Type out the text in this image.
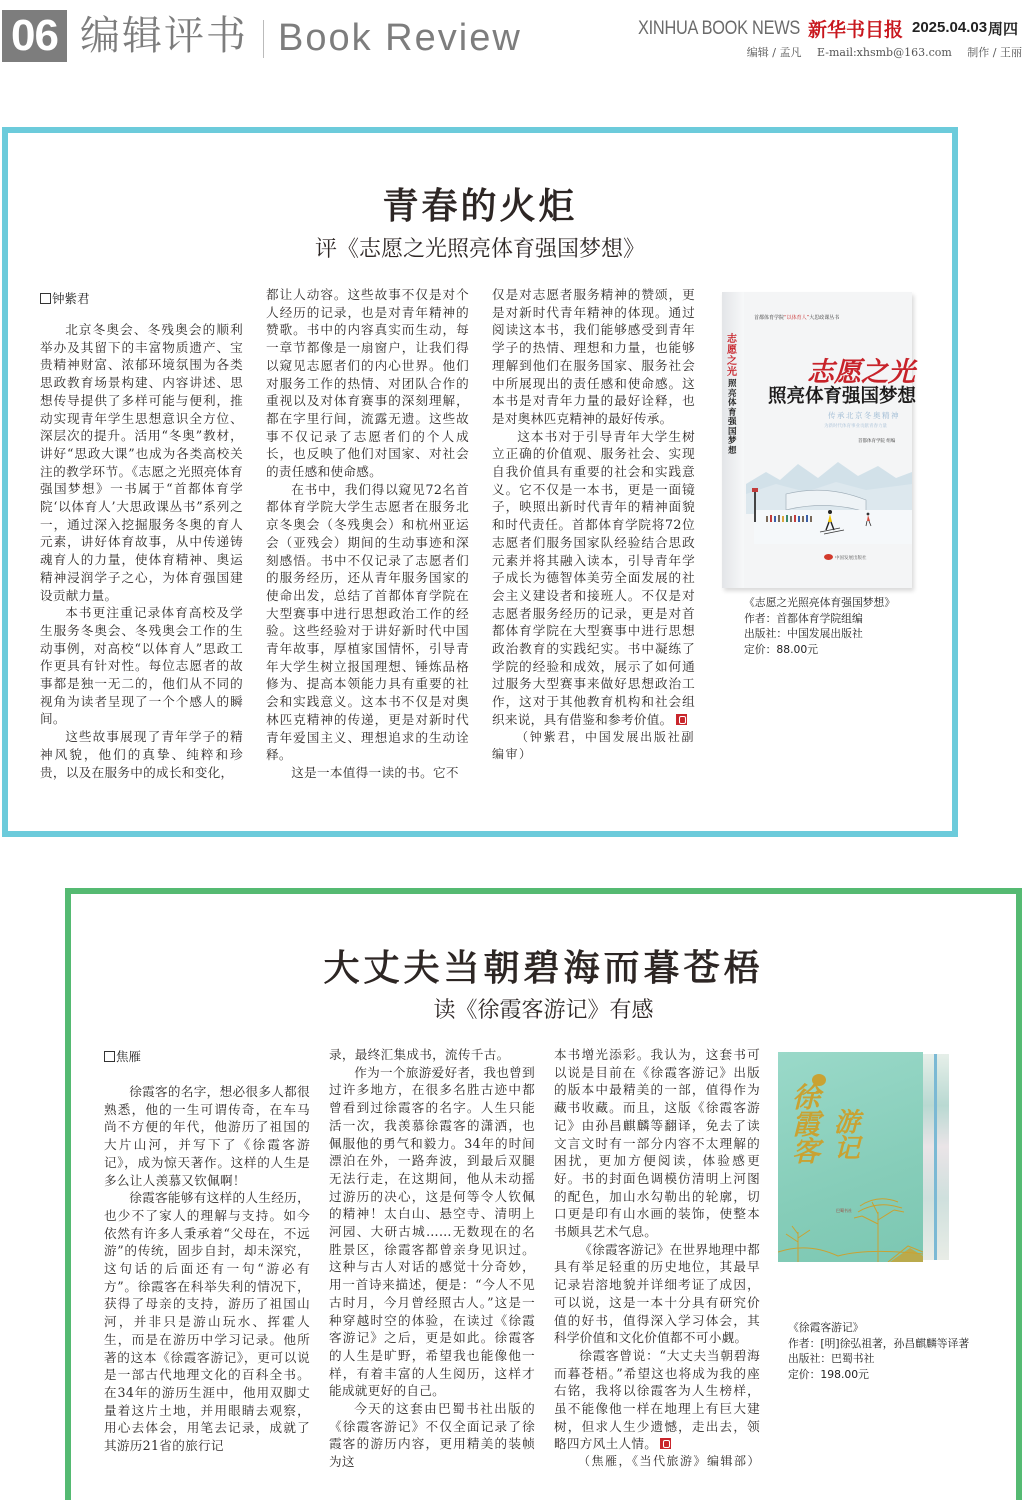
06 编辑评书 Book Review	XINHUA BOOK NEWS 新华书目报 2025.04.03 周四
编辑 / 孟凡 E-mail:xhsmb@163.com 制作 / 王丽
青春的火炬
评《志愿之光照亮体育强国梦想》
钟紫君

北京冬奥会、冬残奥会的顺利举办及其留下的丰富物质遗产、宝贵精神财富、浓郁环境氛围为各类思政教育场景构建、内容讲述、思想传导提供了多样可能与便利，推动实现青年学生思想意识全方位、深层次的提升。活用“冬奥”教材，讲好“思政大课”也成为各类高校关注的教学环节。《志愿之光照亮体育强国梦想》一书属于“首都体育学院‘以体育人’大思政课丛书”系列之一，通过深入挖掘服务冬奥的育人元素，讲好体育故事，从中传递铸魂育人的力量，使体育精神、奥运精神浸润学子之心，为体育强国建设贡献力量。

本书更注重记录体育高校及学生服务冬奥会、冬残奥会工作的生动事例，对高校“以体育人”思政工作更具有针对性。每位志愿者的故事都是独一无二的，他们从不同的视角为读者呈现了一个个感人的瞬间。

这些故事展现了青年学子的精神风貌，他们的真挚、纯粹和珍贵，以及在服务中的成长和变化，

都让人动容。这些故事不仅是对个人经历的记录，也是对青年精神的赞歌。书中的内容真实而生动，每一章节都像是一扇窗户，让我们得以窥见志愿者们的内心世界。他们对服务工作的热情、对团队合作的重视以及对体育赛事的深刻理解，都在字里行间，流露无遗。这些故事不仅记录了志愿者们的个人成长，也反映了他们对国家、对社会的责任感和使命感。

在书中，我们得以窥见72名首都体育学院大学生志愿者在服务北京冬奥会（冬残奥会）和杭州亚运会（亚残会）期间的生动事迹和深刻感悟。书中不仅记录了志愿者们的服务经历，还从青年服务国家的使命出发，总结了首都体育学院在大型赛事中进行思想政治工作的经验。这些经验对于讲好新时代中国青年故事，厚植家国情怀，引导青年大学生树立报国理想、锤炼品格修为、提高本领能力具有重要的社会和实践意义。这本书不仅是对奥林匹克精神的传递，更是对新时代青年爱国主义、理想追求的生动诠释。

这是一本值得一读的书。它不

仅是对志愿者服务精神的赞颂，更是对新时代青年精神的体现。通过阅读这本书，我们能够感受到青年学子的热情、理想和力量，也能够理解到他们在服务国家、服务社会中所展现出的责任感和使命感。这本书是对青年力量的最好诠释，也是对奥林匹克精神的最好传承。

这本书对于引导青年大学生树立正确的价值观、服务社会、实现自我价值具有重要的社会和实践意义。它不仅是一本书，更是一面镜子，映照出新时代青年的精神面貌和时代责任。首都体育学院将72位志愿者们服务国家队经验结合思政元素并将其融入读本，引导青年学子成长为德智体美劳全面发展的社会主义建设者和接班人。不仅是对志愿者服务经历的记录，更是对首都体育学院在大型赛事中进行思想政治教育的实践纪实。书中凝练了学院的经验和成效，展示了如何通过服务大型赛事来做好思想政治工作，这对于其他教育机构和社会组织来说，具有借鉴和参考价值。

（钟紫君，中国发展出版社副编审）

志愿之光
照亮体育强国梦想
首都体育学院“以体育人”大思政课丛书
志愿之光
照亮体育强国梦想
传承北京冬奥精神
为新时代体育事业贡献青春力量
首都体育学院 组编
中国发展出版社
《志愿之光照亮体育强国梦想》
作者：首都体育学院组编
出版社：中国发展出版社
定价：88.00元
大丈夫当朝碧海而暮苍梧
读《徐霞客游记》有感
焦雁

徐霞客的名字，想必很多人都很熟悉，他的一生可谓传奇，在车马尚不方便的年代，他游历了祖国的大片山河，并写下了《徐霞客游记》，成为惊天著作。这样的人生是多么让人羡慕又钦佩啊！

徐霞客能够有这样的人生经历，也少不了家人的理解与支持。如今依然有许多人秉承着“父母在，不远游”的传统，固步自封，却未深究，这句话的后面还有一句“游必有方”。徐霞客在科举失利的情况下，获得了母亲的支持，游历了祖国山河，并非只是游山玩水、挥霍人生，而是在游历中学习记录。他所著的这本《徐霞客游记》，更可以说是一部古代地理文化的百科全书。在34年的游历生涯中，他用双脚丈量着这片土地，并用眼睛去观察，用心去体会，用笔去记录，成就了其游历21省的旅行记

录，最终汇集成书，流传千古。

作为一个旅游爱好者，我也曾到过许多地方，在很多名胜古迹中都曾看到过徐霞客的名字。人生只能活一次，我羡慕徐霞客的潇洒，也佩服他的勇气和毅力。34年的时间漂泊在外，一路奔波，到最后双腿无法行走，在这期间，他从未动摇过游历的决心，这是何等令人钦佩的精神！太白山、悬空寺、清明上河园、大研古城……无数现在的名胜景区，徐霞客都曾亲身见识过。这种与古人对话的感觉十分奇妙，用一首诗来描述，便是：“今人不见古时月，今月曾经照古人。”这是一种穿越时空的体验，在读过《徐霞客游记》之后，更是如此。徐霞客的人生是旷野，希望我也能像他一样，有着丰富的人生阅历，这样才能成就更好的自己。

今天的这套由巴蜀书社出版的《徐霞客游记》不仅全面记录了徐霞客的游历内容，更用精美的装帧为这

本书增光添彩。我认为，这套书可以说是目前在《徐霞客游记》出版的版本中最精美的一部，值得作为藏书收藏。而且，这版《徐霞客游记》由孙昌麒麟等翻译，免去了读文言文时有一部分内容不太理解的困扰，更加方便阅读，体验感更好。书的封面色调模仿清明上河图的配色，加山水勾勒出的轮廓，切口更是印有山水画的装饰，使整本书颇具艺术气息。

《徐霞客游记》在世界地理中都具有举足轻重的历史地位，其最早记录岩溶地貌并详细考证了成因，可以说，这是一本十分具有研究价值的好书，值得深入学习体会，其科学价值和文化价值都不可小觑。

徐霞客曾说：“大丈夫当朝碧海而暮苍梧。”希望这也将成为我的座右铭，我将以徐霞客为人生榜样，虽不能像他一样在地理上有巨大建树，但求人生少遗憾，走出去，领略四方风土人情。

（焦雁，《当代旅游》编辑部）

徐霞客
游记
巴蜀书社
《徐霞客游记》
作者：[明]徐弘祖著，孙昌麒麟等译著
出版社：巴蜀书社
定价：198.00元
